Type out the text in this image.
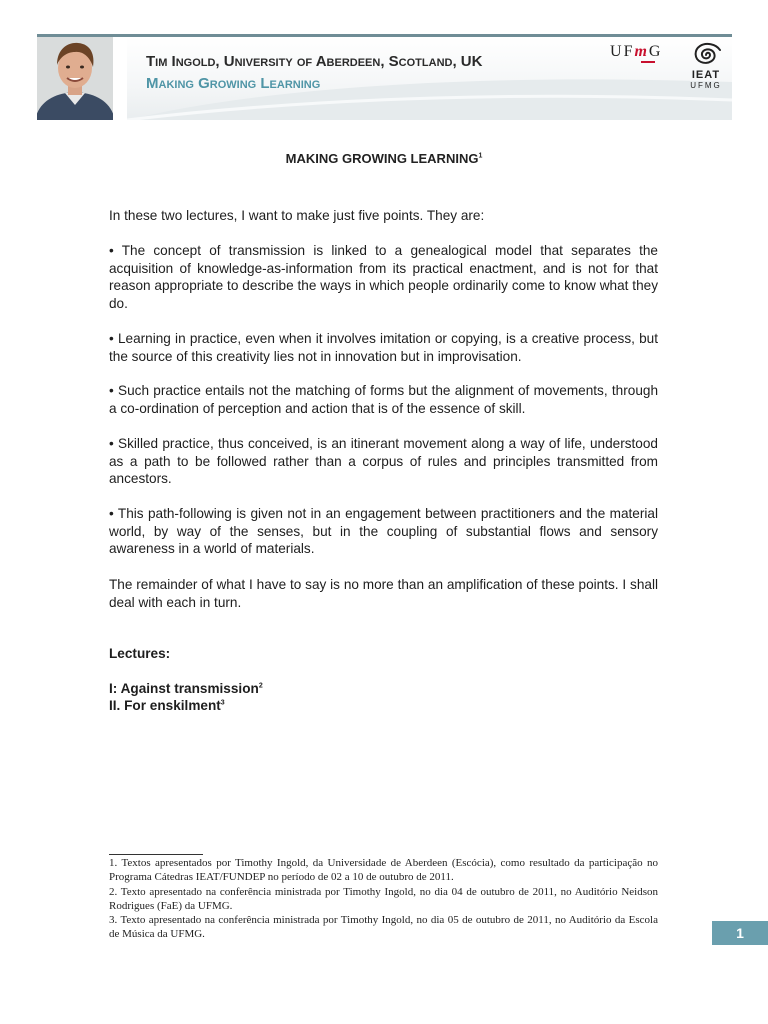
Tim Ingold, University of Aberdeen, Scotland, UK
Making Growing Learning
UFmG
IEAT
UFMG
MAKING GROWING LEARNING$^1$
In these two lectures, I want to make just five points. They are:
• The concept of transmission is linked to a genealogical model that separates the acquisition of knowledge-as-information from its practical enactment, and is not for that reason appropriate to describe the ways in which people ordinarily come to know what they do.
• Learning in practice, even when it involves imitation or copying, is a creative process, but the source of this creativity lies not in innovation but in improvisation.
• Such practice entails not the matching of forms but the alignment of movements, through a co-ordination of perception and action that is of the essence of skill.
• Skilled practice, thus conceived, is an itinerant movement along a way of life, understood as a path to be followed rather than a corpus of rules and principles transmitted from ancestors.
• This path-following is given not in an engagement between practitioners and the material world, by way of the senses, but in the coupling of substantial flows and sensory awareness in a world of materials.
The remainder of what I have to say is no more than an amplification of these points. I shall deal with each in turn.
Lectures:
I: Against transmission$^2$
II. For enskilment$^3$
1. Textos apresentados por Timothy Ingold, da Universidade de Aberdeen (Escócia), como resultado da participação no Programa Cátedras IEAT/FUNDEP no período de 02 a 10 de outubro de 2011.
2. Texto apresentado na conferência ministrada por Timothy Ingold, no dia 04 de outubro de 2011, no Auditório Neidson Rodrigues (FaE) da UFMG.
3. Texto apresentado na conferência ministrada por Timothy Ingold, no dia 05 de outubro de 2011, no Auditório da Escola de Música da UFMG.	1
